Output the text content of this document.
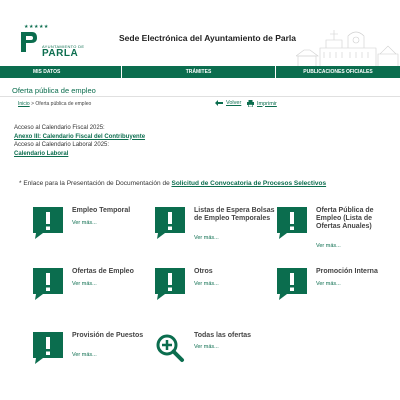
★★★★★
AYUNTAMIENTO DE
PARLA
Sede Electrónica del Ayuntamiento de Parla
MIS DATOS	TRÁMITES	PUBLICACIONES OFICIALES
Oferta pública de empleo
Inicio > Oferta pública de empleo	Volver	Imprimir
Acceso al Calendario Fiscal 2025:
Anexo III: Calendario Fiscal del Contribuyente
Acceso al Calendario Laboral 2025:
Calendario Laboral
* Enlace para la Presentación de Documentación de Solicitud de Convocatoria de Procesos Selectivos
Empleo Temporal
Ver más...
Listas de Espera Bolsas de Empleo Temporales
Ver más...
Oferta Pública de Empleo (Lista de Ofertas Anuales)
Ver más...
Ofertas de Empleo
Ver más...
Otros
Ver más...
Promoción Interna
Ver más...
Provisión de Puestos
Ver más...
Todas las ofertas
Ver más...
